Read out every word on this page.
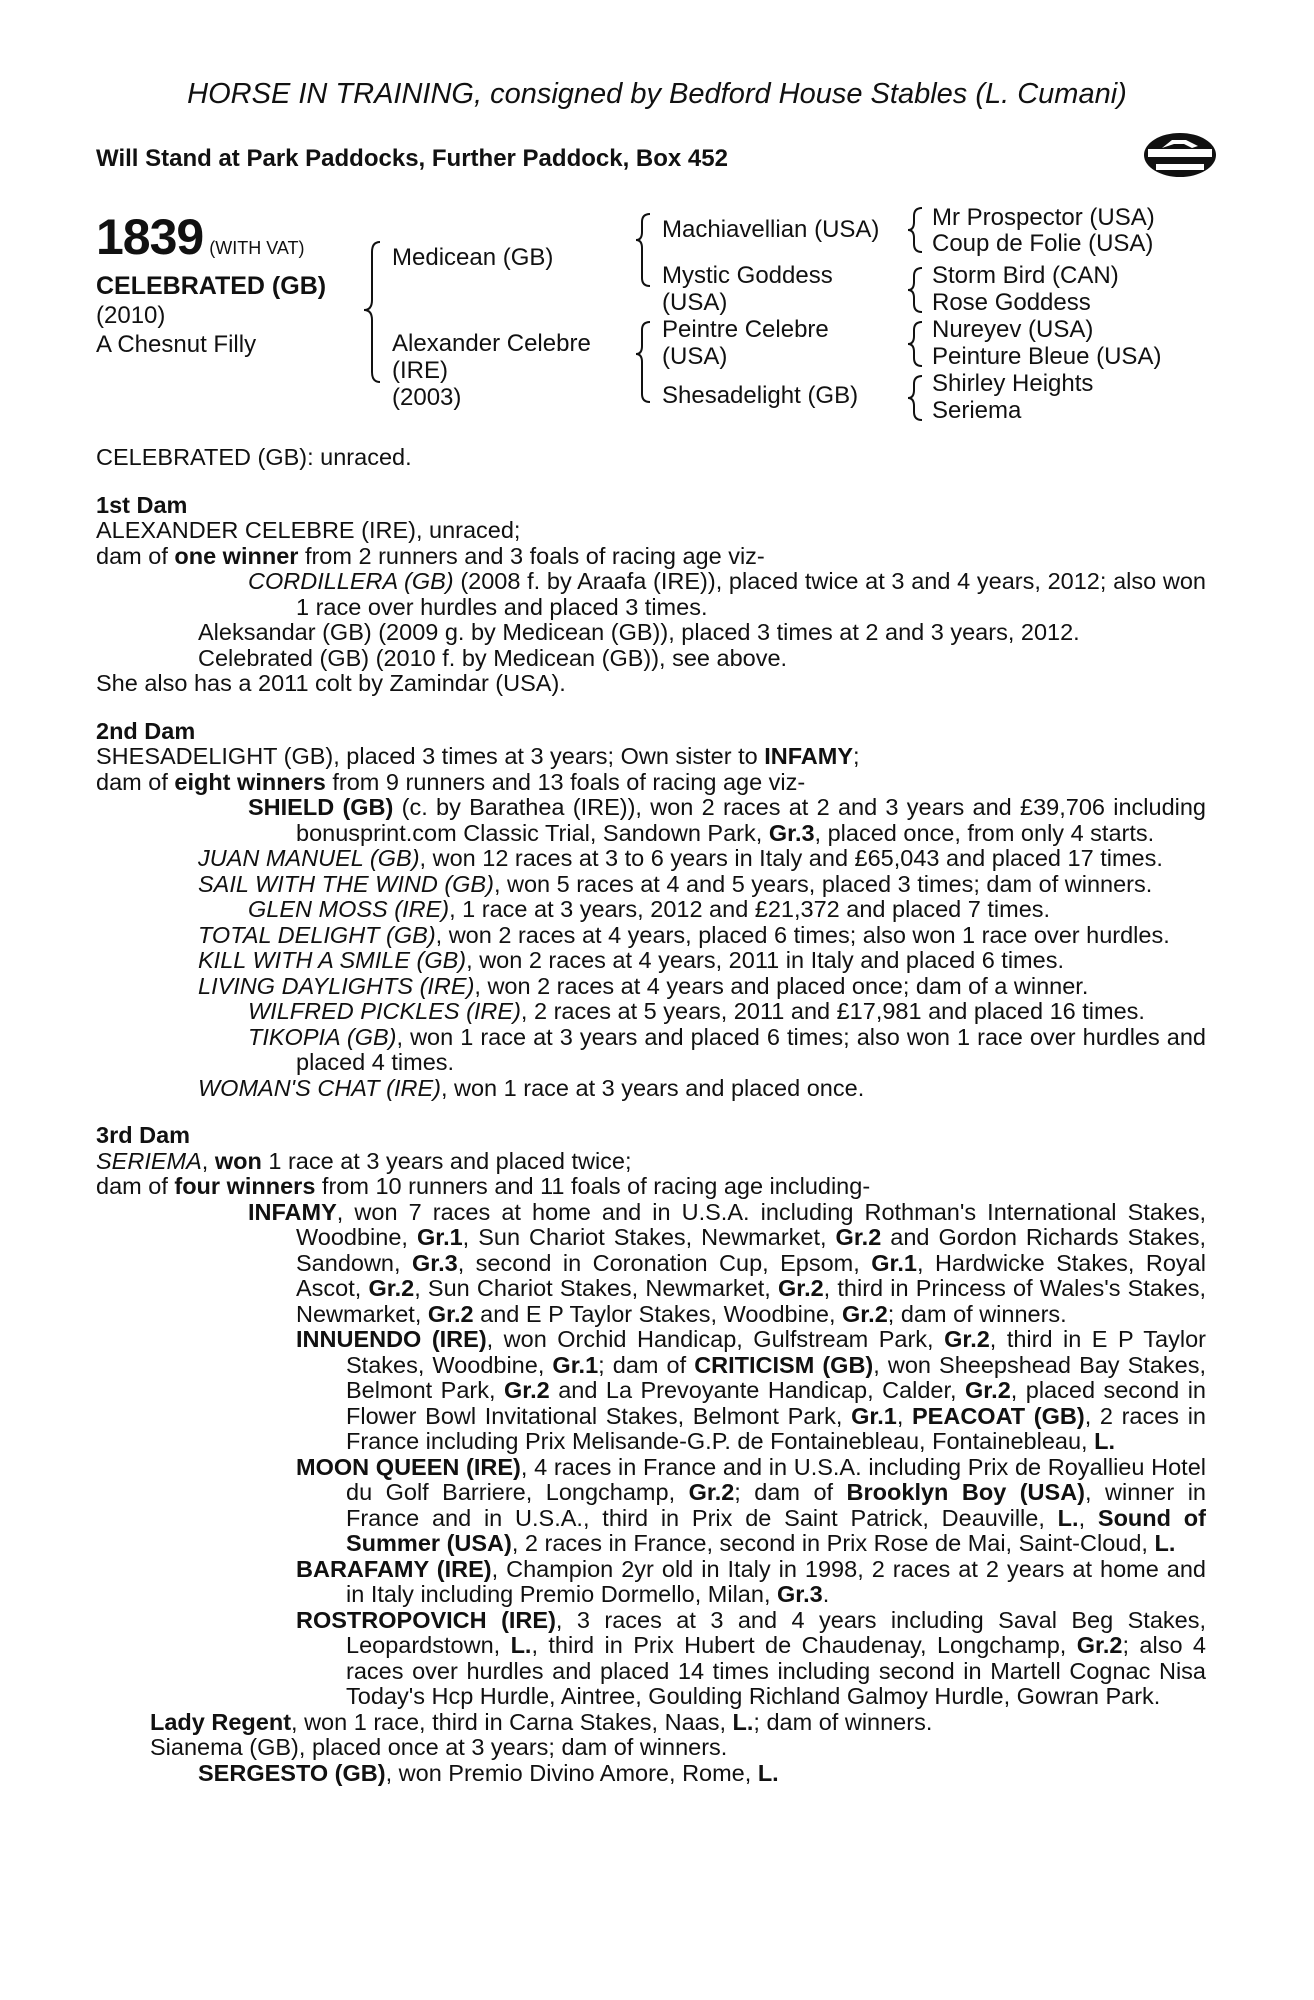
HORSE IN TRAINING, consigned by Bedford House Stables (L. Cumani)
Will Stand at Park Paddocks, Further Paddock, Box 452
1839 (WITH VAT)
CELEBRATED (GB)
(2010)
A Chesnut Filly
Medicean (GB)
Alexander Celebre
(IRE)
(2003)
Machiavellian (USA)
Mystic Goddess
(USA)
Peintre Celebre
(USA)
Shesadelight (GB)
Mr Prospector (USA)
Coup de Folie (USA)
Storm Bird (CAN)
Rose Goddess
Nureyev (USA)
Peinture Bleue (USA)
Shirley Heights
Seriema

CELEBRATED (GB): unraced.

1st Dam

ALEXANDER CELEBRE (IRE), unraced;

dam of one winner from 2 runners and 3 foals of racing age viz-

CORDILLERA (GB) (2008 f. by Araafa (IRE)), placed twice at 3 and 4 years, 2012; also won 1 race over hurdles and placed 3 times.

Aleksandar (GB) (2009 g. by Medicean (GB)), placed 3 times at 2 and 3 years, 2012.

Celebrated (GB) (2010 f. by Medicean (GB)), see above.

She also has a 2011 colt by Zamindar (USA).

2nd Dam

SHESADELIGHT (GB), placed 3 times at 3 years; Own sister to INFAMY;

dam of eight winners from 9 runners and 13 foals of racing age viz-

SHIELD (GB) (c. by Barathea (IRE)), won 2 races at 2 and 3 years and £39,706 including bonusprint.com Classic Trial, Sandown Park, Gr.3, placed once, from only 4 starts.

JUAN MANUEL (GB), won 12 races at 3 to 6 years in Italy and £65,043 and placed 17 times.

SAIL WITH THE WIND (GB), won 5 races at 4 and 5 years, placed 3 times; dam of winners.

GLEN MOSS (IRE), 1 race at 3 years, 2012 and £21,372 and placed 7 times.

TOTAL DELIGHT (GB), won 2 races at 4 years, placed 6 times; also won 1 race over hurdles.

KILL WITH A SMILE (GB), won 2 races at 4 years, 2011 in Italy and placed 6 times.

LIVING DAYLIGHTS (IRE), won 2 races at 4 years and placed once; dam of a winner.

WILFRED PICKLES (IRE), 2 races at 5 years, 2011 and £17,981 and placed 16 times.

TIKOPIA (GB), won 1 race at 3 years and placed 6 times; also won 1 race over hurdles and placed 4 times.

WOMAN'S CHAT (IRE), won 1 race at 3 years and placed once.

3rd Dam

SERIEMA, won 1 race at 3 years and placed twice;

dam of four winners from 10 runners and 11 foals of racing age including-

INFAMY, won 7 races at home and in U.S.A. including Rothman's International Stakes, Woodbine, Gr.1, Sun Chariot Stakes, Newmarket, Gr.2 and Gordon Richards Stakes, Sandown, Gr.3, second in Coronation Cup, Epsom, Gr.1, Hardwicke Stakes, Royal Ascot, Gr.2, Sun Chariot Stakes, Newmarket, Gr.2, third in Princess of Wales's Stakes, Newmarket, Gr.2 and E P Taylor Stakes, Woodbine, Gr.2; dam of winners.

INNUENDO (IRE), won Orchid Handicap, Gulfstream Park, Gr.2, third in E P Taylor Stakes, Woodbine, Gr.1; dam of CRITICISM (GB), won Sheepshead Bay Stakes, Belmont Park, Gr.2 and La Prevoyante Handicap, Calder, Gr.2, placed second in Flower Bowl Invitational Stakes, Belmont Park, Gr.1, PEACOAT (GB), 2 races in France including Prix Melisande-G.P. de Fontainebleau, Fontainebleau, L.

MOON QUEEN (IRE), 4 races in France and in U.S.A. including Prix de Royallieu Hotel du Golf Barriere, Longchamp, Gr.2; dam of Brooklyn Boy (USA), winner in France and in U.S.A., third in Prix de Saint Patrick, Deauville, L., Sound of Summer (USA), 2 races in France, second in Prix Rose de Mai, Saint-Cloud, L.

BARAFAMY (IRE), Champion 2yr old in Italy in 1998, 2 races at 2 years at home and in Italy including Premio Dormello, Milan, Gr.3.

ROSTROPOVICH (IRE), 3 races at 3 and 4 years including Saval Beg Stakes, Leopardstown, L., third in Prix Hubert de Chaudenay, Longchamp, Gr.2; also 4 races over hurdles and placed 14 times including second in Martell Cognac Nisa Today's Hcp Hurdle, Aintree, Goulding Richland Galmoy Hurdle, Gowran Park.

Lady Regent, won 1 race, third in Carna Stakes, Naas, L.; dam of winners.

Sianema (GB), placed once at 3 years; dam of winners.

SERGESTO (GB), won Premio Divino Amore, Rome, L.
